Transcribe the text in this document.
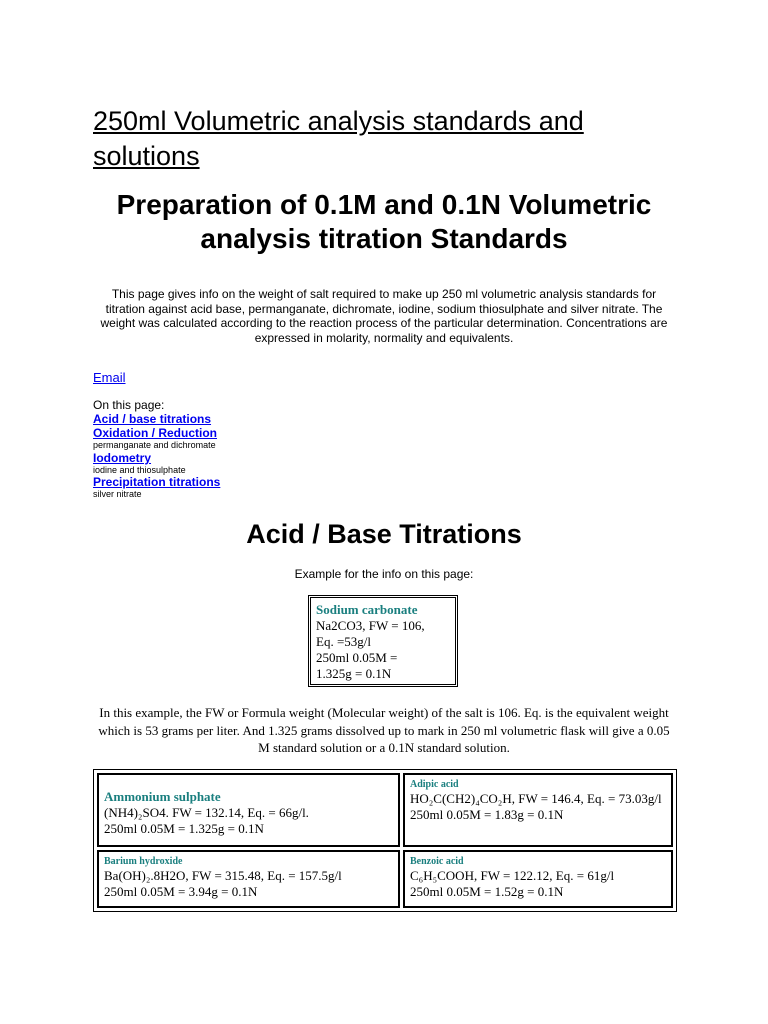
250ml Volumetric analysis standards and solutions
Preparation of 0.1M and 0.1N Volumetric analysis titration Standards
This page gives info on the weight of salt required to make up 250 ml volumetric analysis standards for titration against acid base, permanganate, dichromate, iodine, sodium thiosulphate and silver nitrate. The weight was calculated according to the reaction process of the particular determination. Concentrations are expressed in molarity, normality and equivalents.
Email
On this page:
Acid / base titrations
Oxidation / Reduction
permanganate and dichromate
Iodometry
iodine and thiosulphate
Precipitation titrations
silver nitrate
Acid / Base Titrations
Example for the info on this page:
Sodium carbonate
Na2CO3, FW = 106,
Eq. =53g/l
250ml 0.05M =
1.325g = 0.1N
In this example, the FW or Formula weight (Molecular weight) of the salt is 106. Eq. is the equivalent weight which is 53 grams per liter. And 1.325 grams dissolved up to mark in 250 ml volumetric flask will give a 0.05 M standard solution or a 0.1N standard solution.
Ammonium sulphate
(NH4)₂SO4. FW = 132.14, Eq. = 66g/l.
250ml 0.05M = 1.325g = 0.1N
Adipic acid
HO₂C(CH2)₄CO₂H, FW = 146.4, Eq. = 73.03g/l
250ml 0.05M = 1.83g = 0.1N
Barium hydroxide
Ba(OH)₂.8H2O, FW = 315.48, Eq. = 157.5g/l
250ml 0.05M = 3.94g = 0.1N
Benzoic acid
C₆H₅COOH, FW = 122.12, Eq. = 61g/l
250ml 0.05M = 1.52g = 0.1N
